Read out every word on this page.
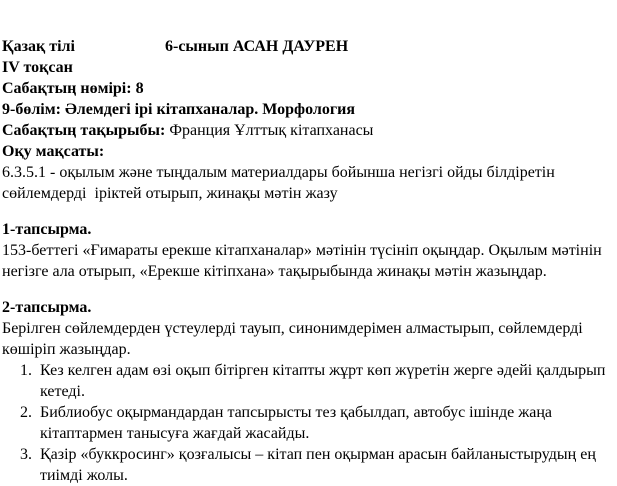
Қазақ тілі	6-сынып АСАН ДАУРЕН
IV тоқсан
Сабақтың нөмірі: 8
9-бөлім: Әлемдегі ірі кітапханалар. Морфология
Сабақтың тақырыбы: Франция Ұлттық кітапханасы
Оқу мақсаты:
6.3.5.1 - оқылым және тыңдалым материалдары бойынша негізгі ойды білдіретін
сөйлемдерді  іріктей отырып, жинақы мәтін жазу
1-тапсырма.
153-беттегі «Ғимараты ерекше кітапханалар» мәтінін түсініп оқыңдар. Оқылым мәтінін
негізге ала отырып, «Ерекше кітіпхана» тақырыбында жинақы мәтін жазыңдар.
2-тапсырма.
Берілген сөйлемдерден үстеулерді тауып, синонимдерімен алмастырып, сөйлемдерді
көшіріп жазыңдар.
1. Кез келген адам өзі оқып бітірген кітапты жұрт көп жүретін жерге әдейі қалдырып
кетеді.
2. Библиобус оқырмандардан тапсырысты тез қабылдап, автобус ішінде жаңа
кітаптармен танысуға жағдай жасайды.
3. Қазір «буккросинг» қозғалысы – кітап пен оқырман арасын байланыстырудың ең
тиімді жолы.
